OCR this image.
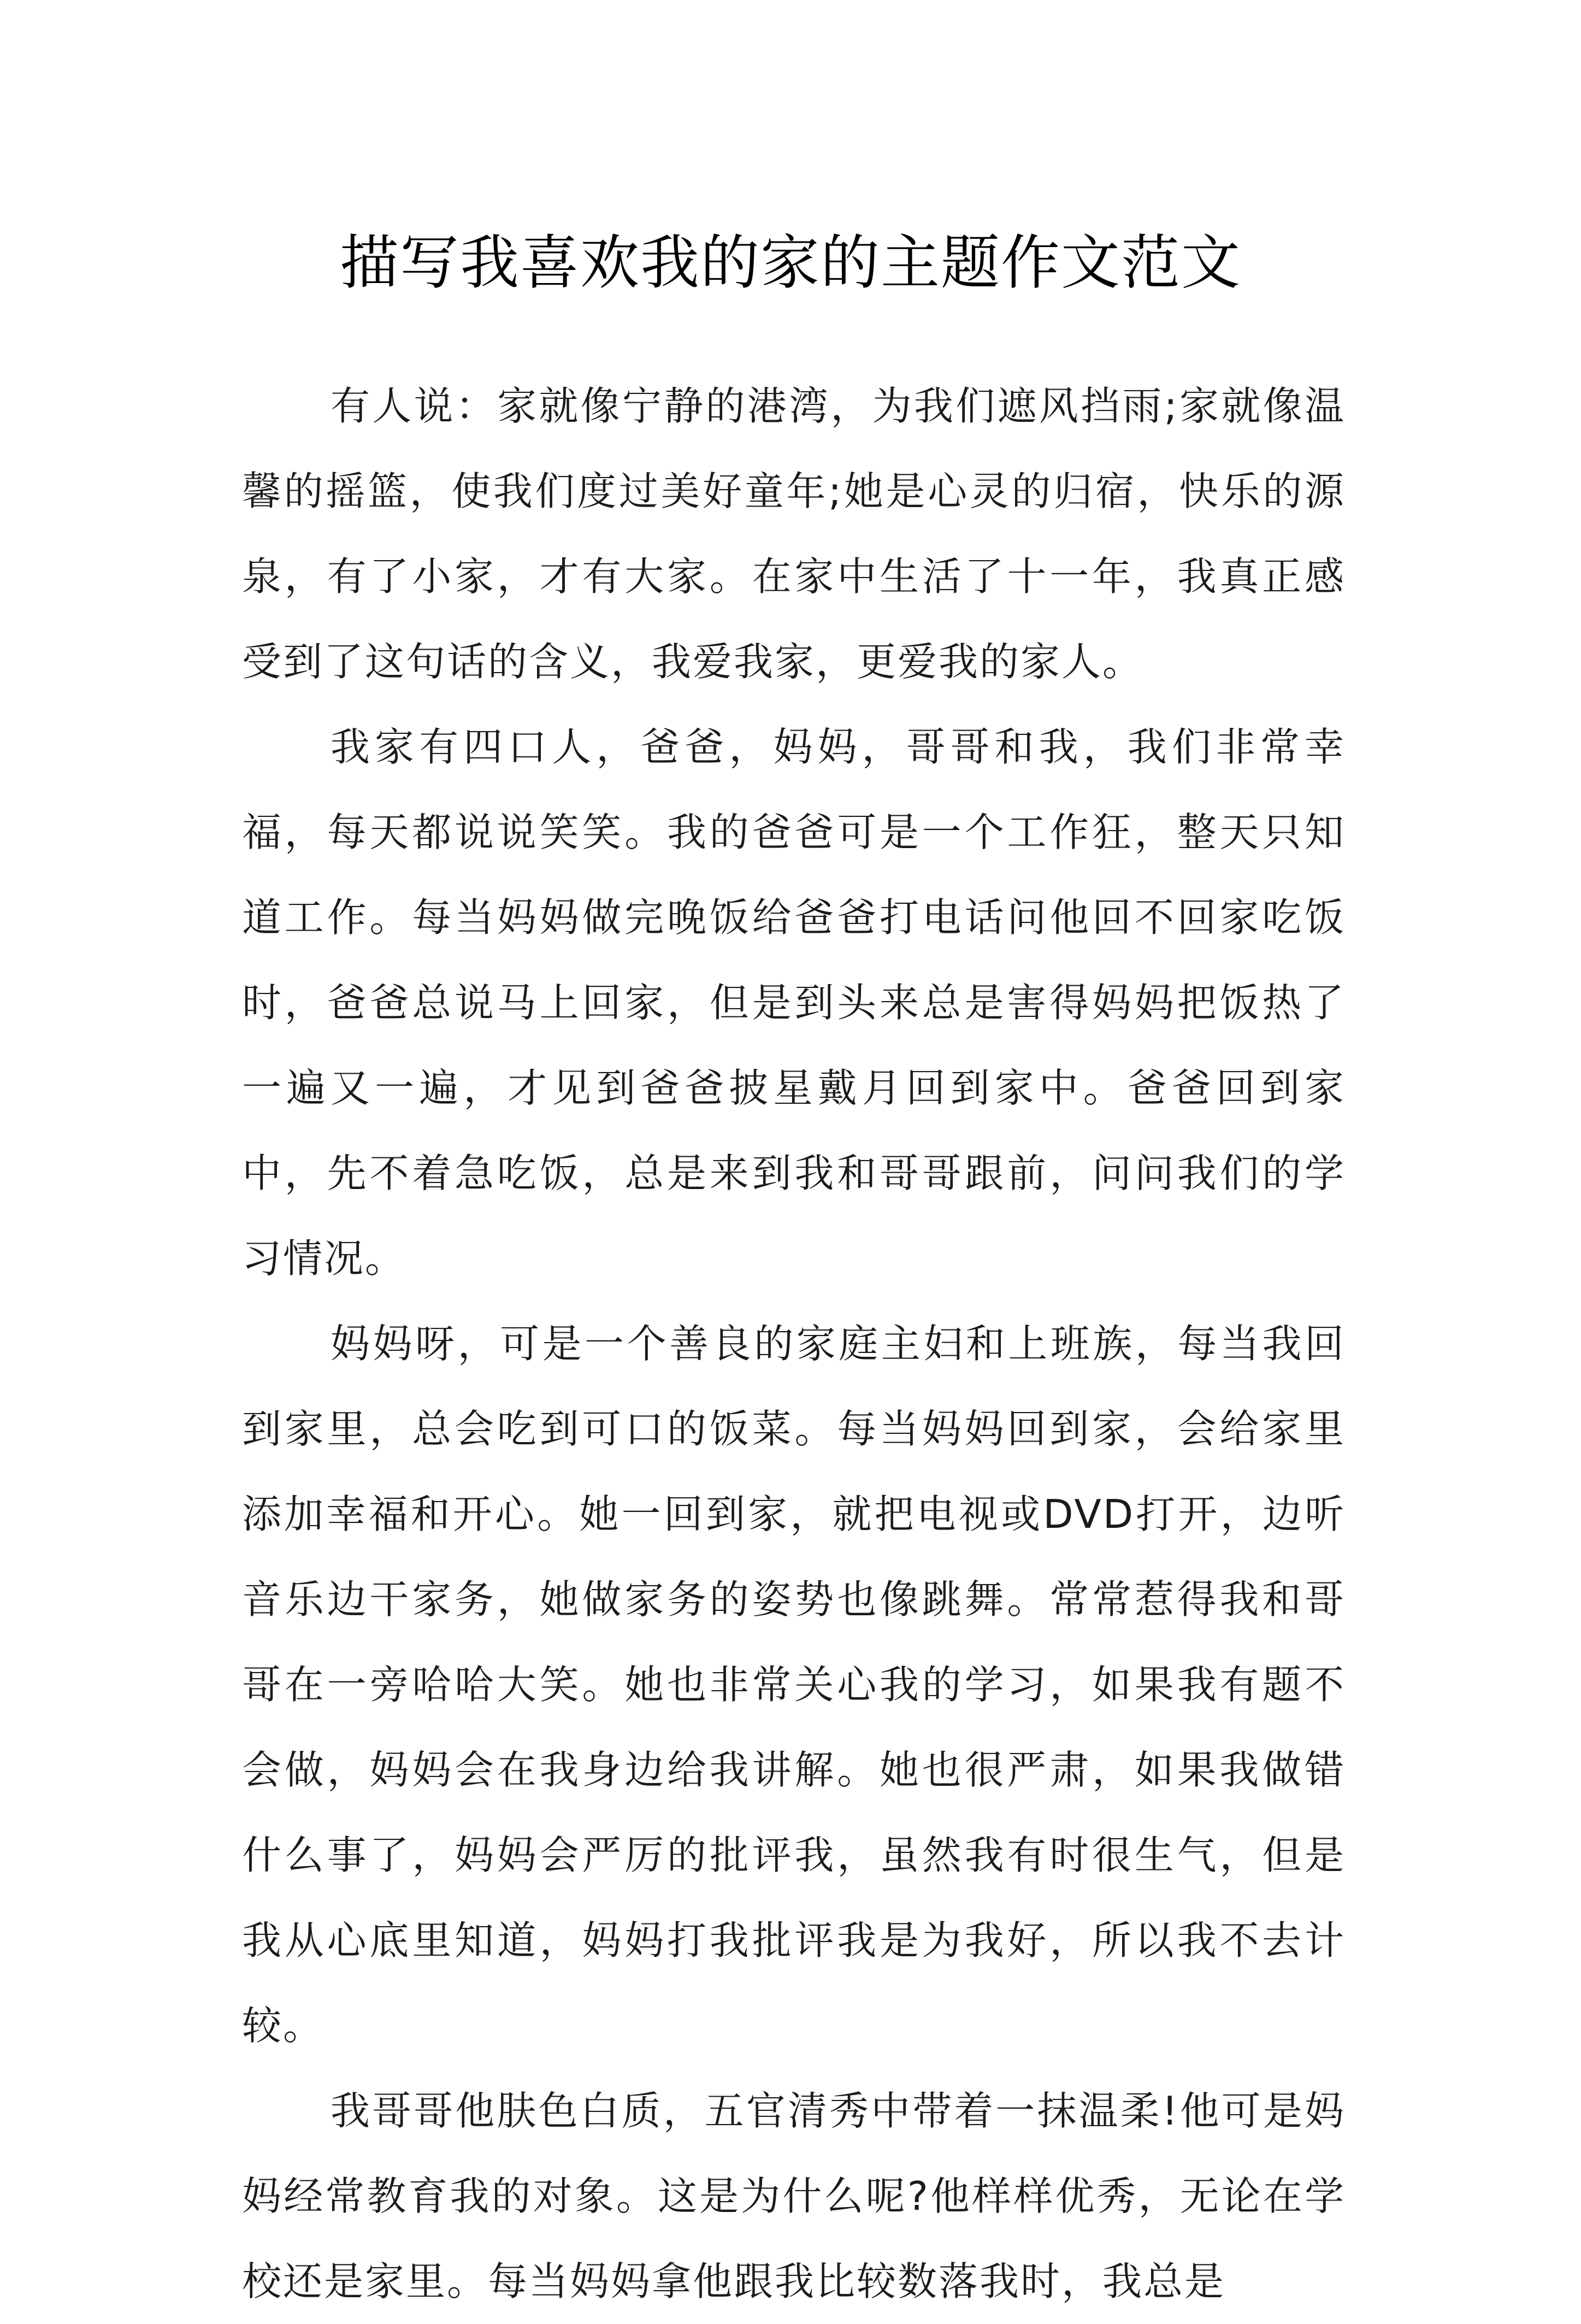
描写我喜欢我的家的主题作文范文

有人说：家就像宁静的港湾，为我们遮风挡雨;家就像温馨的摇篮，使我们度过美好童年;她是心灵的归宿，快乐的源泉，有了小家，才有大家。在家中生活了十一年，我真正感受到了这句话的含义，我爱我家，更爱我的家人。

我家有四口人，爸爸，妈妈，哥哥和我，我们非常幸福，每天都说说笑笑。我的爸爸可是一个工作狂，整天只知道工作。每当妈妈做完晚饭给爸爸打电话问他回不回家吃饭时，爸爸总说马上回家，但是到头来总是害得妈妈把饭热了一遍又一遍，才见到爸爸披星戴月回到家中。爸爸回到家中，先不着急吃饭，总是来到我和哥哥跟前，问问我们的学习情况。

妈妈呀，可是一个善良的家庭主妇和上班族，每当我回到家里，总会吃到可口的饭菜。每当妈妈回到家，会给家里添加幸福和开心。她一回到家，就把电视或DVD打开，边听音乐边干家务，她做家务的姿势也像跳舞。常常惹得我和哥哥在一旁哈哈大笑。她也非常关心我的学习，如果我有题不会做，妈妈会在我身边给我讲解。她也很严肃，如果我做错什么事了，妈妈会严厉的批评我，虽然我有时很生气，但是我从心底里知道，妈妈打我批评我是为我好，所以我不去计较。

我哥哥他肤色白质，五官清秀中带着一抹温柔!他可是妈妈经常教育我的对象。这是为什么呢?他样样优秀，无论在学校还是家里。每当妈妈拿他跟我比较数落我时，我总是
